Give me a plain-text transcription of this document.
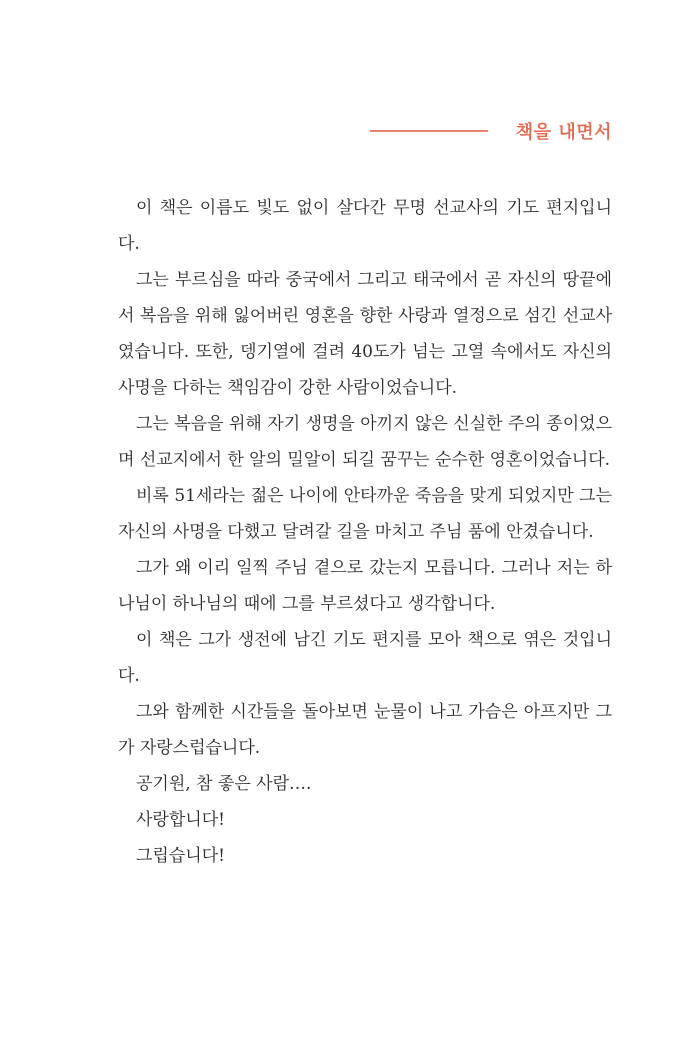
책을 내면서

이 책은 이름도 빛도 없이 살다간 무명 선교사의 기도 편지입니다.

그는 부르심을 따라 중국에서 그리고 태국에서 곧 자신의 땅끝에서 복음을 위해 잃어버린 영혼을 향한 사랑과 열정으로 섬긴 선교사였습니다. 또한, 뎅기열에 걸려 40도가 넘는 고열 속에서도 자신의 사명을 다하는 책임감이 강한 사람이었습니다.

그는 복음을 위해 자기 생명을 아끼지 않은 신실한 주의 종이었으며 선교지에서 한 알의 밀알이 되길 꿈꾸는 순수한 영혼이었습니다.

비록 51세라는 젊은 나이에 안타까운 죽음을 맞게 되었지만 그는 자신의 사명을 다했고 달려갈 길을 마치고 주님 품에 안겼습니다.

그가 왜 이리 일찍 주님 곁으로 갔는지 모릅니다. 그러나 저는 하나님이 하나님의 때에 그를 부르셨다고 생각합니다.

이 책은 그가 생전에 남긴 기도 편지를 모아 책으로 엮은 것입니다.

그와 함께한 시간들을 돌아보면 눈물이 나고 가슴은 아프지만 그가 자랑스럽습니다.

공기원, 참 좋은 사람….

사랑합니다!

그립습니다!
